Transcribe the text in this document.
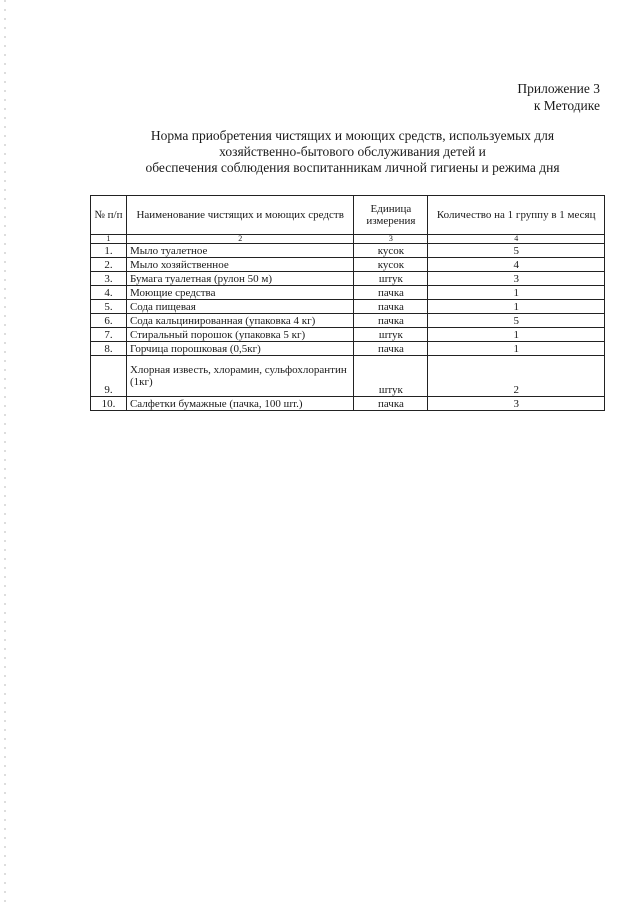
Приложение 3
к Методике
Норма приобретения чистящих и моющих средств, используемых для
хозяйственно-бытового обслуживания детей и
обеспечения соблюдения воспитанникам личной гигиены и режима дня
№ п/п	Наименование чистящих и моющих средств	Единица измерения	Количество на 1 группу в 1 месяц
1	2	3	4
1.	Мыло туалетное	кусок	5
2.	Мыло хозяйственное	кусок	4
3.	Бумага туалетная (рулон 50 м)	штук	3
4.	Моющие средства	пачка	1
5.	Сода пищевая	пачка	1
6.	Сода кальцинированная (упаковка 4 кг)	пачка	5
7.	Стиральный порошок (упаковка 5 кг)	штук	1
8.	Горчица порошковая (0,5кг)	пачка	1
9.	Хлорная известь, хлорамин, сульфохлорантин (1кг)	штук	2
10.	Салфетки бумажные (пачка, 100 шт.)	пачка	3
